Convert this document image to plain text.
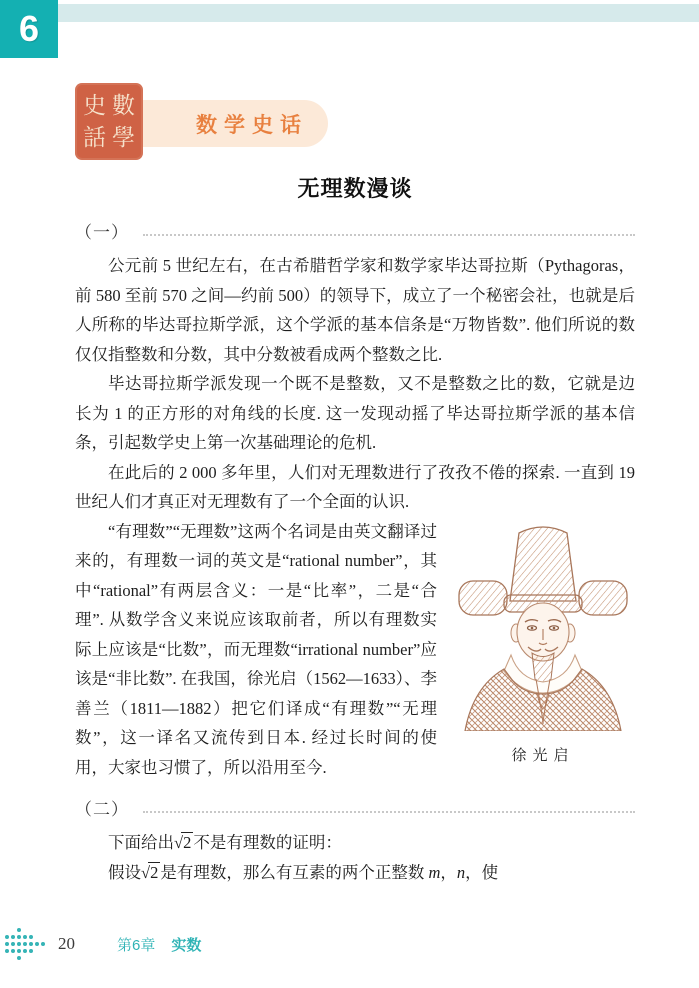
6
数学史话
史 數
話 學
无理数漫谈
（一）

公元前 5 世纪左右，在古希腊哲学家和数学家毕达哥拉斯（Pythagoras，前 580 至前 570 之间—约前 500）的领导下，成立了一个秘密会社，也就是后人所称的毕达哥拉斯学派，这个学派的基本信条是“万物皆数”. 他们所说的数仅仅指整数和分数，其中分数被看成两个整数之比.

毕达哥拉斯学派发现一个既不是整数，又不是整数之比的数，它就是边长为 1 的正方形的对角线的长度. 这一发现动摇了毕达哥拉斯学派的基本信条，引起数学史上第一次基础理论的危机.

在此后的 2 000 多年里，人们对无理数进行了孜孜不倦的探索. 一直到 19 世纪人们才真正对无理数有了一个全面的认识.

徐光启

“有理数”“无理数”这两个名词是由英文翻译过来的，有理数一词的英文是“rational number”，其中“rational”有两层含义：一是“比率”，二是“合理”. 从数学含义来说应该取前者，所以有理数实际上应该是“比数”，而无理数“irrational number”应该是“非比数”. 在我国，徐光启（1562—1633）、李善兰（1811—1882）把它们译成“有理数”“无理数”，这一译名又流传到日本. 经过长时间的使用，大家也习惯了，所以沿用至今.

（二）

下面给出√2 不是有理数的证明：

假设√2 是有理数，那么有互素的两个正整数 m，n，使

20	第6章 实数
